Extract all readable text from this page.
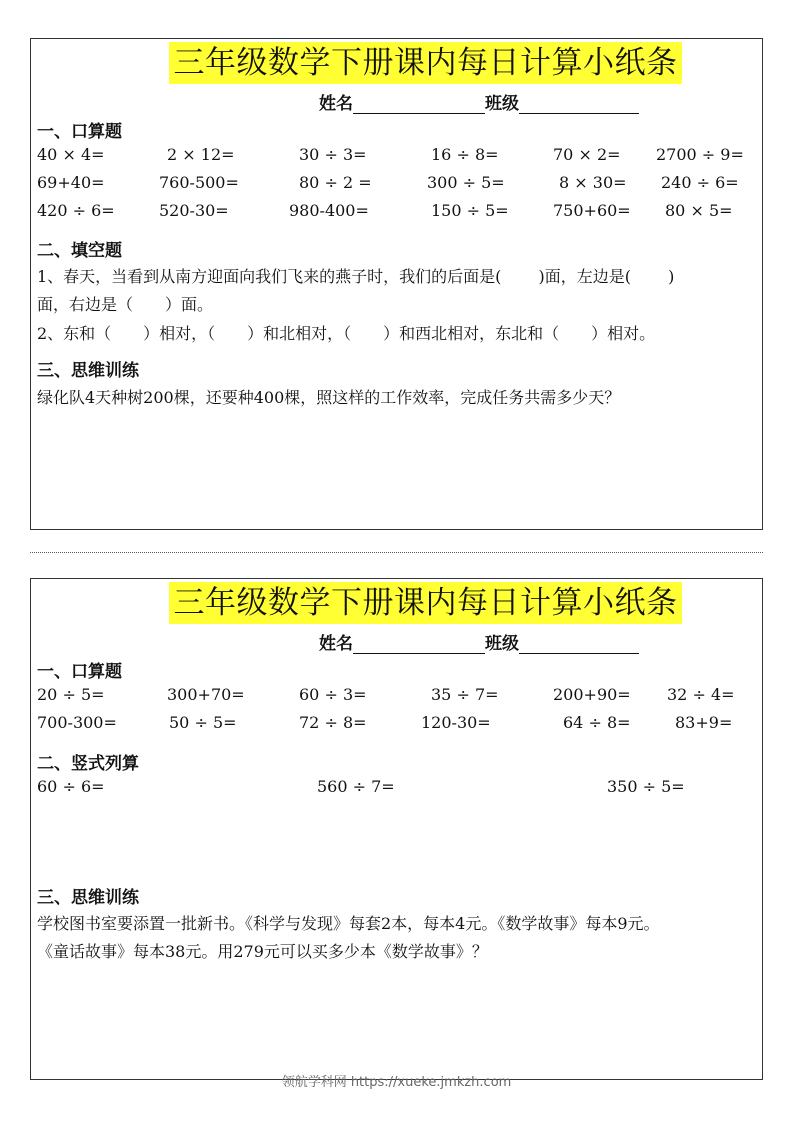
三年级数学下册课内每日计算小纸条
姓名	班级
一、口算题
40 × 4=	2 × 12=	30 ÷ 3=	16 ÷ 8=	70 × 2= 2700 ÷ 9=
69+40=	760-500=	80 ÷ 2 =	300 ÷ 5=	8 × 30= 240 ÷ 6=
420 ÷ 6=	520-30=	980-400=	150 ÷ 5=	750+60= 80 × 5=
二、填空题
1、春天，当看到从南方迎面向我们飞来的燕子时，我们的后面是(　　 )面，左边是(　　 )
面，右边是（　　）面。
2、东和（　　）相对，（　　）和北相对，（　　）和西北相对，东北和（　　）相对。
三、思维训练
绿化队4天种树200棵，还要种400棵，照这样的工作效率，完成任务共需多少天？
三年级数学下册课内每日计算小纸条
姓名	班级
一、口算题
20 ÷ 5=	300+70=	60 ÷ 3=	35 ÷ 7=	200+90= 32 ÷ 4=
700-300=	50 ÷ 5=	72 ÷ 8=	120-30=	64 ÷ 8=	83+9=
二、竖式列算
60 ÷ 6=	560 ÷ 7=	350 ÷ 5=
三、思维训练
学校图书室要添置一批新书。《科学与发现》每套2本，每本4元。《数学故事》每本9元。
《童话故事》每本38元。用279元可以买多少本《数学故事》？
领航学科网 https://xueke.jmkzh.com
